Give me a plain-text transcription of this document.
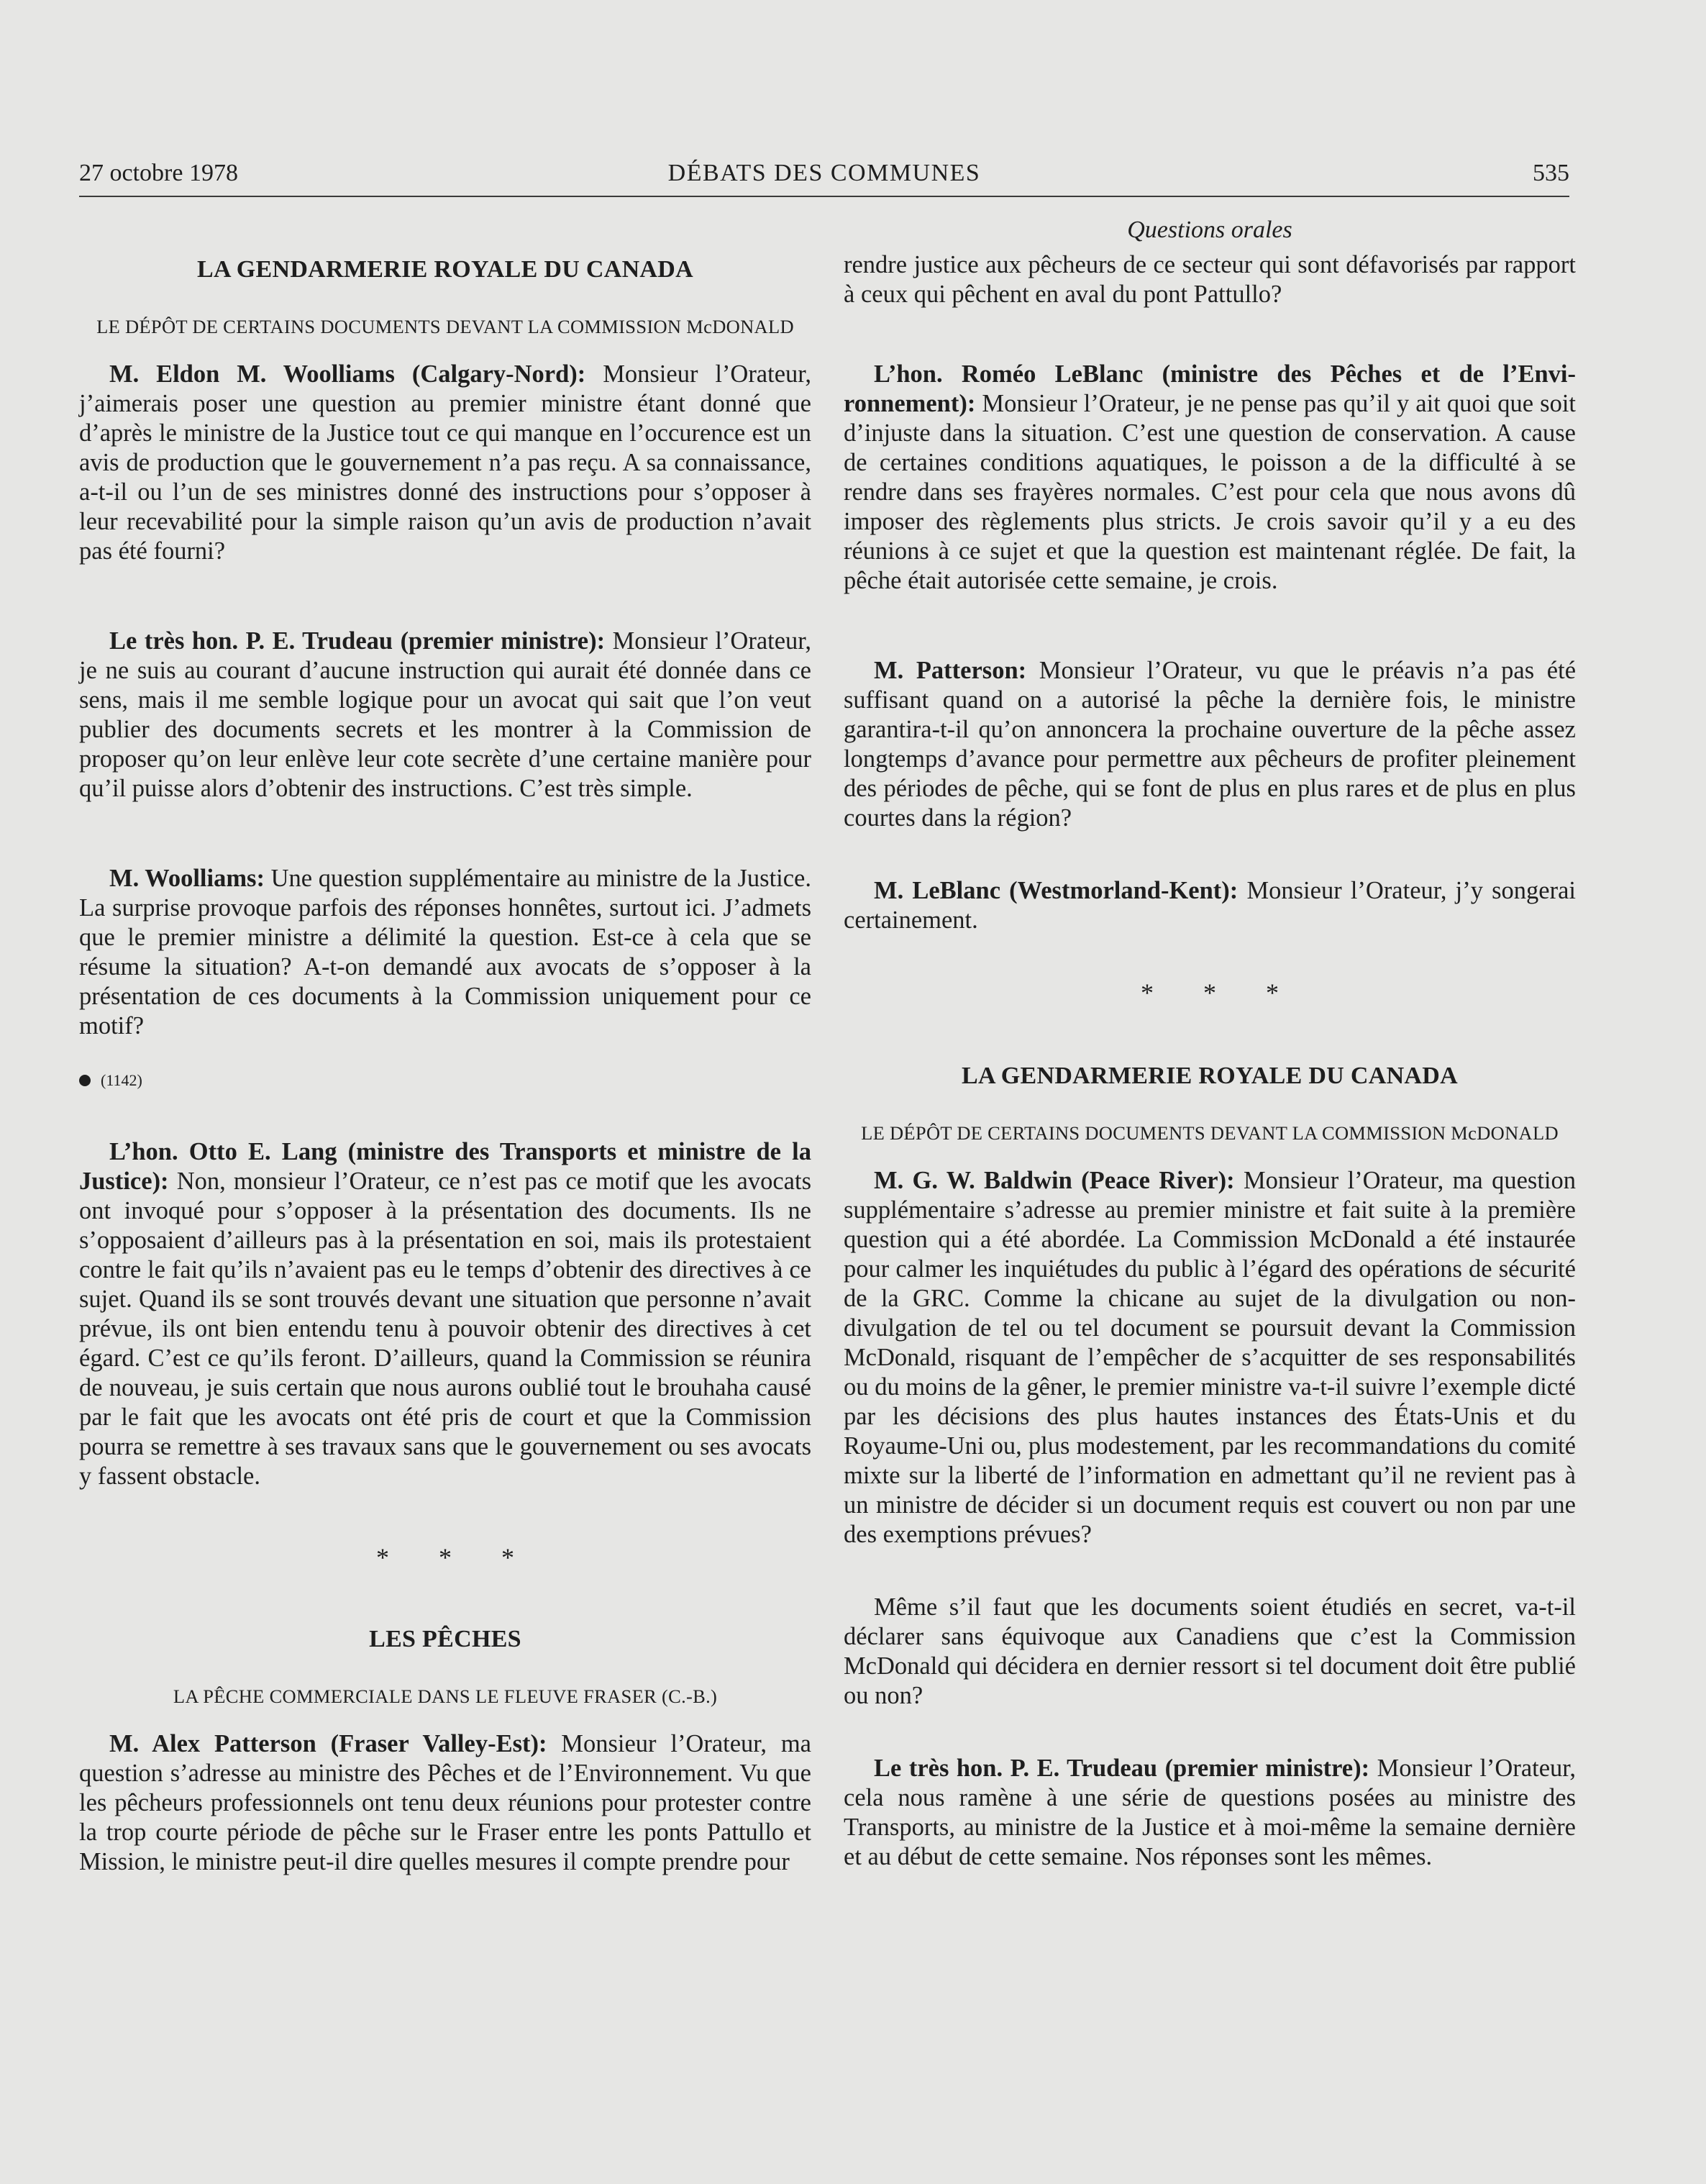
27 octobre 1978	DÉBATS DES COMMUNES	535
LA GENDARMERIE ROYALE DU CANADA
LE DÉPÔT DE CERTAINS DOCUMENTS DEVANT LA COMMISSION McDONALD

M. Eldon M. Woolliams (Calgary-Nord): Monsieur l’Orateur, j’aimerais poser une question au premier ministre étant donné que d’après le ministre de la Justice tout ce qui manque en l’occurence est un avis de production que le gouvernement n’a pas reçu. A sa connaissance, a-t-il ou l’un de ses ministres donné des instructions pour s’opposer à leur recevabilité pour la simple raison qu’un avis de production n’avait pas été fourni?

Le très hon. P. E. Trudeau (premier ministre): Monsieur l’Orateur, je ne suis au courant d’aucune instruction qui aurait été donnée dans ce sens, mais il me semble logique pour un avocat qui sait que l’on veut publier des documents secrets et les montrer à la Commission de proposer qu’on leur enlève leur cote secrète d’une certaine manière pour qu’il puisse alors d’obtenir des instructions. C’est très simple.

M. Woolliams: Une question supplémentaire au ministre de la Justice. La surprise provoque parfois des réponses honnêtes, surtout ici. J’admets que le premier ministre a délimité la question. Est-ce à cela que se résume la situation? A-t-on demandé aux avocats de s’opposer à la présentation de ces documents à la Commission uniquement pour ce motif?

(1142)

L’hon. Otto E. Lang (ministre des Transports et ministre de la Justice): Non, monsieur l’Orateur, ce n’est pas ce motif que les avocats ont invoqué pour s’opposer à la présentation des documents. Ils ne s’opposaient d’ailleurs pas à la présentation en soi, mais ils protestaient contre le fait qu’ils n’avaient pas eu le temps d’obtenir des directives à ce sujet. Quand ils se sont trouvés devant une situation que personne n’avait prévue, ils ont bien entendu tenu à pouvoir obtenir des directives à cet égard. C’est ce qu’ils feront. D’ailleurs, quand la Commission se réunira de nouveau, je suis certain que nous aurons oublié tout le brouhaha causé par le fait que les avocats ont été pris de court et que la Commission pourra se remettre à ses travaux sans que le gouvernement ou ses avocats y fassent obstacle.

* * *
LES PÊCHES
LA PÊCHE COMMERCIALE DANS LE FLEUVE FRASER (C.-B.)

M. Alex Patterson (Fraser Valley-Est): Monsieur l’Orateur, ma question s’adresse au ministre des Pêches et de l’Environnement. Vu que les pêcheurs professionnels ont tenu deux réunions pour protester contre la trop courte période de pêche sur le Fraser entre les ponts Pattullo et Mission, le ministre peut-il dire quelles mesures il compte prendre pour

Questions orales

rendre justice aux pêcheurs de ce secteur qui sont défavorisés par rapport à ceux qui pêchent en aval du pont Pattullo?

L’hon. Roméo LeBlanc (ministre des Pêches et de l’Environnement): Monsieur l’Orateur, je ne pense pas qu’il y ait quoi que soit d’injuste dans la situation. C’est une question de conservation. A cause de certaines conditions aquatiques, le poisson a de la difficulté à se rendre dans ses frayères normales. C’est pour cela que nous avons dû imposer des règlements plus stricts. Je crois savoir qu’il y a eu des réunions à ce sujet et que la question est maintenant réglée. De fait, la pêche était autorisée cette semaine, je crois.

M. Patterson: Monsieur l’Orateur, vu que le préavis n’a pas été suffisant quand on a autorisé la pêche la dernière fois, le ministre garantira-t-il qu’on annoncera la prochaine ouverture de la pêche assez longtemps d’avance pour permettre aux pêcheurs de profiter pleinement des périodes de pêche, qui se font de plus en plus rares et de plus en plus courtes dans la région?

M. LeBlanc (Westmorland-Kent): Monsieur l’Orateur, j’y songerai certainement.

* * *
LA GENDARMERIE ROYALE DU CANADA
LE DÉPÔT DE CERTAINS DOCUMENTS DEVANT LA COMMISSION McDONALD

M. G. W. Baldwin (Peace River): Monsieur l’Orateur, ma question supplémentaire s’adresse au premier ministre et fait suite à la première question qui a été abordée. La Commission McDonald a été instaurée pour calmer les inquiétudes du public à l’égard des opérations de sécurité de la GRC. Comme la chicane au sujet de la divulgation ou non-divulgation de tel ou tel document se poursuit devant la Commission McDonald, risquant de l’empêcher de s’acquitter de ses responsabilités ou du moins de la gêner, le premier ministre va-t-il suivre l’exemple dicté par les décisions des plus hautes instances des États-Unis et du Royaume-Uni ou, plus modestement, par les recommandations du comité mixte sur la liberté de l’information en admettant qu’il ne revient pas à un ministre de décider si un document requis est couvert ou non par une des exemptions prévues?

Même s’il faut que les documents soient étudiés en secret, va-t-il déclarer sans équivoque aux Canadiens que c’est la Commission McDonald qui décidera en dernier ressort si tel document doit être publié ou non?

Le très hon. P. E. Trudeau (premier ministre): Monsieur l’Orateur, cela nous ramène à une série de questions posées au ministre des Transports, au ministre de la Justice et à moi-même la semaine dernière et au début de cette semaine. Nos réponses sont les mêmes.
